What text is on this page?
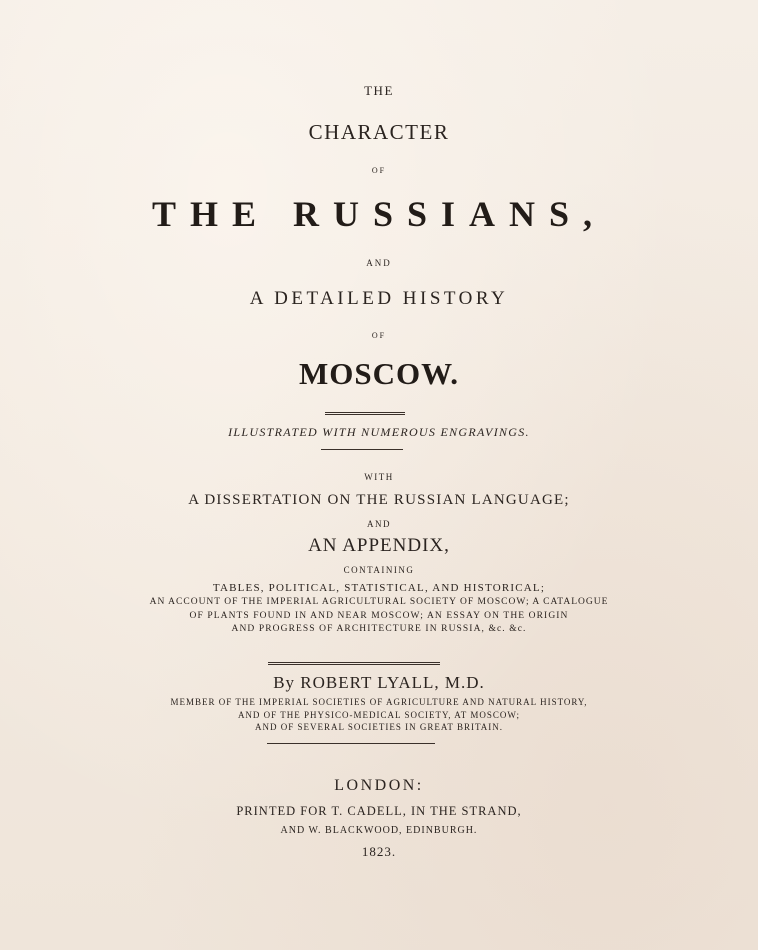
THE
CHARACTER
OF
THE RUSSIANS,
AND
A DETAILED HISTORY
OF
MOSCOW.
ILLUSTRATED WITH NUMEROUS ENGRAVINGS.
WITH
A DISSERTATION ON THE RUSSIAN LANGUAGE;
AND
AN APPENDIX,
CONTAINING
TABLES, POLITICAL, STATISTICAL, AND HISTORICAL;
AN ACCOUNT OF THE IMPERIAL AGRICULTURAL SOCIETY OF MOSCOW; A CATALOGUE
OF PLANTS FOUND IN AND NEAR MOSCOW; AN ESSAY ON THE ORIGIN
AND PROGRESS OF ARCHITECTURE IN RUSSIA, &c. &c.
By ROBERT LYALL, M.D.
MEMBER OF THE IMPERIAL SOCIETIES OF AGRICULTURE AND NATURAL HISTORY,
AND OF THE PHYSICO-MEDICAL SOCIETY, AT MOSCOW;
AND OF SEVERAL SOCIETIES IN GREAT BRITAIN.
LONDON:
PRINTED FOR T. CADELL, IN THE STRAND,
AND W. BLACKWOOD, EDINBURGH.
1823.
